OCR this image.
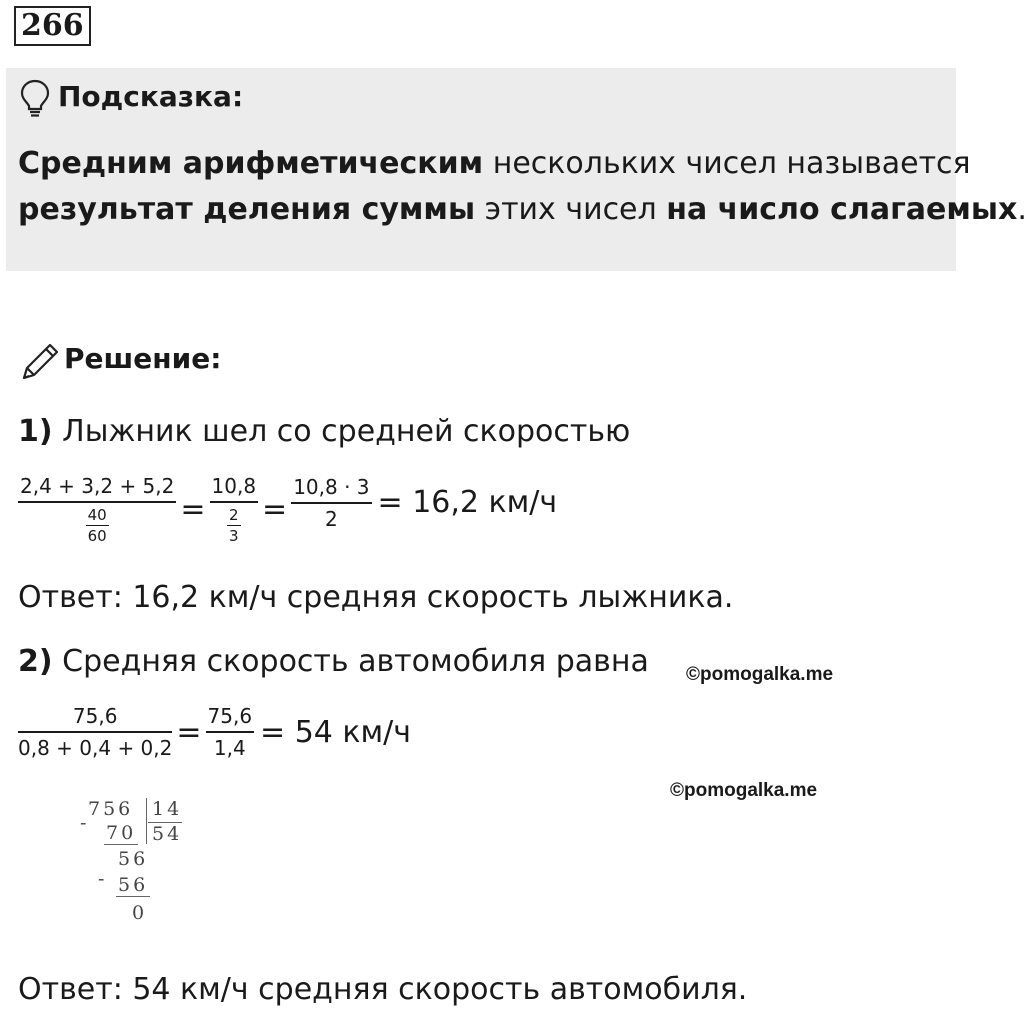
266
Подсказка:
Средним арифметическим нескольких чисел называется
результат деления суммы этих чисел на число слагаемых.
Решение:
1) Лыжник шел со средней скоростью
$\frac{2,4 + 3,2 + 5,2}{\frac{40}{60}} = \frac{10,8}{\frac{2}{3}} = \frac{10,8 \cdot 3}{2} = 16,2$ км/ч
Ответ: 16,2 км/ч средняя скорость лыжника.
2) Средняя скорость автомобиля равна ©pomogalka.me
$\frac{75,6}{0,8 + 0,4 + 0,2} = \frac{75,6}{1,4} = 54$ км/ч
©pomogalka.me
756 14
- 70 54
56
- 56
0
Ответ: 54 км/ч средняя скорость автомобиля.
